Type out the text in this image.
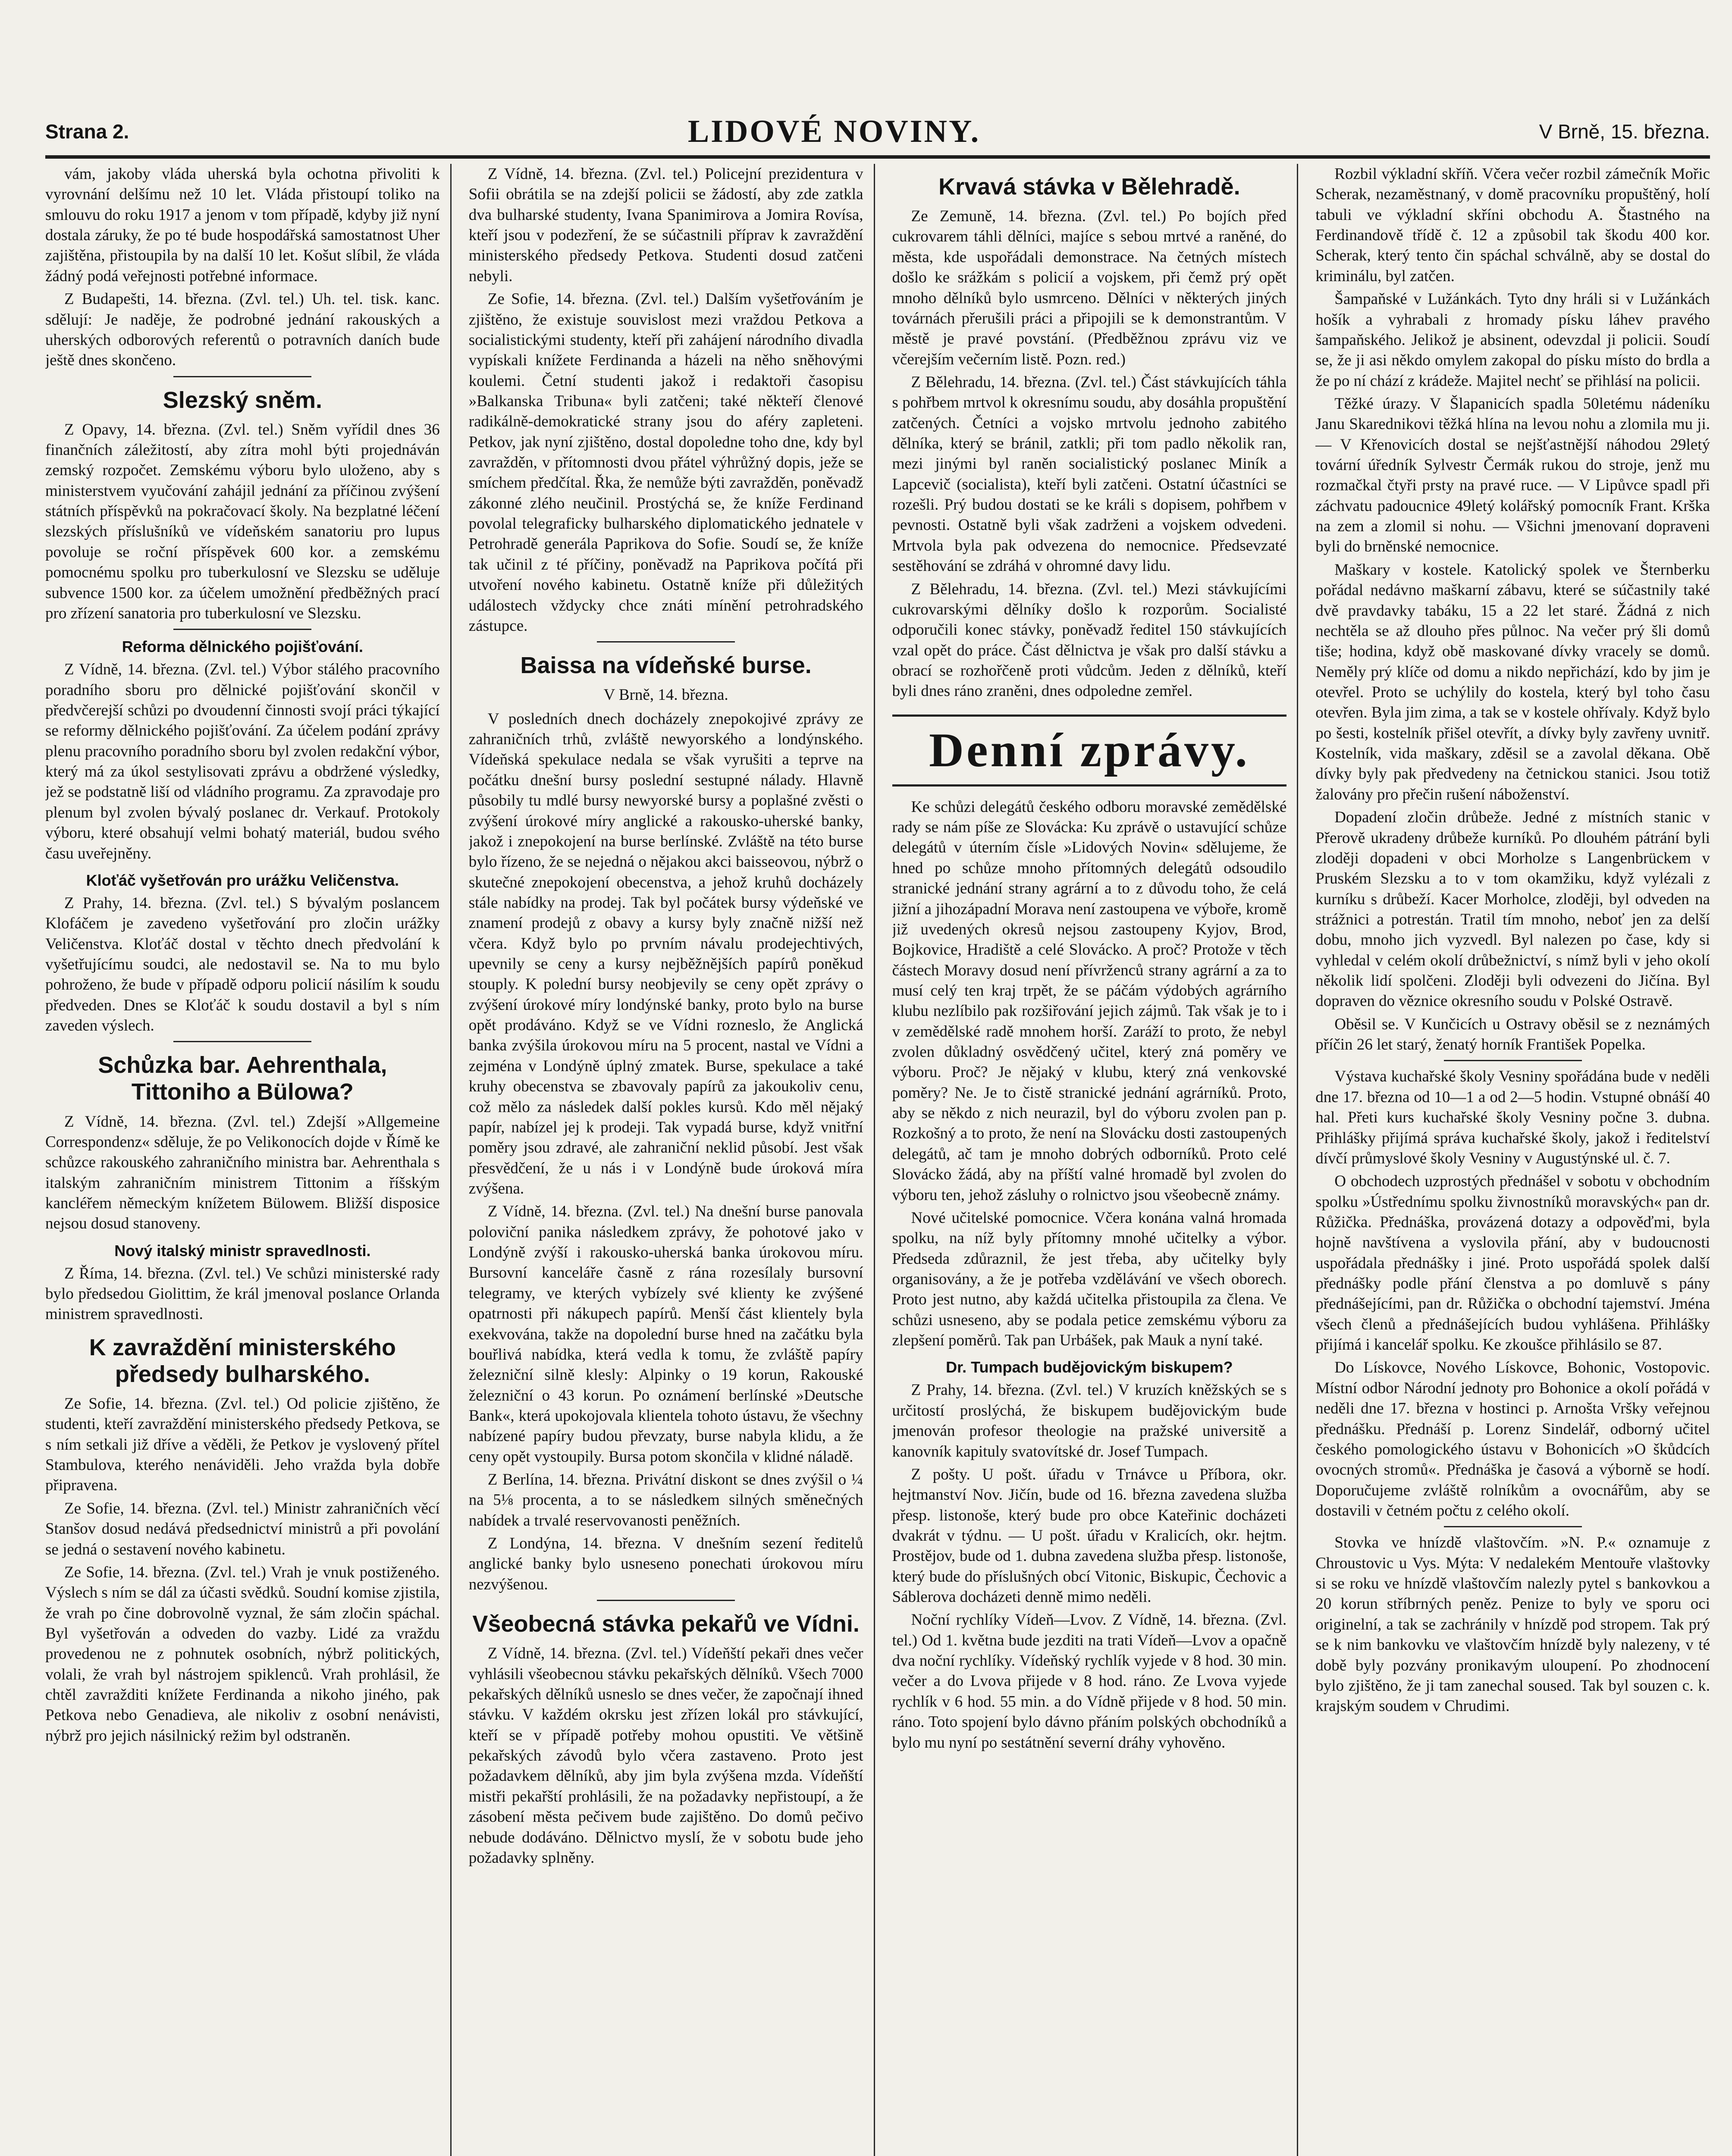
Strana 2.	LIDOVÉ NOVINY.	V Brně, 15. března.
vám, jakoby vláda uherská byla ochotna přivoliti k vyrovnání delšímu než 10 let. Vláda přistoupí toliko na smlouvu do roku 1917 a jenom v tom případě, kdyby již nyní dostala záruky, že po té bude hospodářská samostatnost Uher zajištěna, přistoupila by na další 10 let. Košut slíbil, že vláda žádný podá veřejnosti potřebné informace.
Z Budapešti, 14. března. (Zvl. tel.) Uh. tel. tisk. kanc. sdělují: Je naděje, že podrobné jednání rakouských a uherských odborových referentů o potravních daních bude ještě dnes skončeno.
Slezský sněm.
Z Opavy, 14. března. (Zvl. tel.) Sněm vyřídil dnes 36 finančních záležitostí, aby zítra mohl býti projednáván zemský rozpočet. Zemskému výboru bylo uloženo, aby s ministerstvem vyučování zahájil jednání za příčinou zvýšení státních příspěvků na pokračovací školy. Na bezplatné léčení slezských příslušníků ve vídeňském sanatoriu pro lupus povoluje se roční příspěvek 600 kor. a zemskému pomocnému spolku pro tuberkulosní ve Slezsku se uděluje subvence 1500 kor. za účelem umožnění předběžných prací pro zřízení sanatoria pro tuberkulosní ve Slezsku.
Reforma dělnického pojišťování.
Z Vídně, 14. března. (Zvl. tel.) Výbor stálého pracovního poradního sboru pro dělnické pojišťování skončil v předvčerejší schůzi po dvoudenní činnosti svojí práci týkající se reformy dělnického pojišťování. Za účelem podání zprávy plenu pracovního poradního sboru byl zvolen redakční výbor, který má za úkol sestylisovati zprávu a obdržené výsledky, jež se podstatně liší od vládního programu. Za zpravodaje pro plenum byl zvolen bývalý poslanec dr. Verkauf. Protokoly výboru, které obsahují velmi bohatý materiál, budou svého času uveřejněny.
Kloťáč vyšetřován pro urážku Veličenstva.
Z Prahy, 14. března. (Zvl. tel.) S bývalým poslancem Klofáčem je zavedeno vyšetřování pro zločin urážky Veličenstva. Kloťáč dostal v těchto dnech předvolání k vyšetřujícímu soudci, ale nedostavil se. Na to mu bylo pohroženo, že bude v případě odporu policií násilím k soudu předveden. Dnes se Kloťáč k soudu dostavil a byl s ním zaveden výslech.
Schůzka bar. Aehrenthala, Tittoniho a Bülowa?
Z Vídně, 14. března. (Zvl. tel.) Zdejší »Allgemeine Correspondenz« sděluje, že po Velikonocích dojde v Římě ke schůzce rakouského zahraničního ministra bar. Aehrenthala s italským zahraničním ministrem Tittonim a říšským kancléřem německým knížetem Bülowem. Bližší disposice nejsou dosud stanoveny.
Nový italský ministr spravedlnosti.
Z Říma, 14. března. (Zvl. tel.) Ve schůzi ministerské rady bylo předsedou Giolittim, že král jmenoval poslance Orlanda ministrem spravedlnosti.
K zavraždění ministerského předsedy bulharského.
Ze Sofie, 14. března. (Zvl. tel.) Od policie zjištěno, že studenti, kteří zavraždění ministerského předsedy Petkova, se s ním setkali již dříve a věděli, že Petkov je vyslovený přítel Stambulova, kterého nenáviděli. Jeho vražda byla dobře připravena.
Ze Sofie, 14. března. (Zvl. tel.) Ministr zahraničních věcí Stanšov dosud nedává předsednictví ministrů a při povolání se jedná o sestavení nového kabinetu.
Ze Sofie, 14. března. (Zvl. tel.) Vrah je vnuk postiženého. Výslech s ním se dál za účasti svědků. Soudní komise zjistila, že vrah po čine dobrovolně vyznal, že sám zločin spáchal. Byl vyšetřován a odveden do vazby. Lidé za vraždu provedenou ne z pohnutek osobních, nýbrž politických, volali, že vrah byl nástrojem spiklenců. Vrah prohlásil, že chtěl zavražditi knížete Ferdinanda a nikoho jiného, pak Petkova nebo Genadieva, ale nikoliv z osobní nenávisti, nýbrž pro jejich násilnický režim byl odstraněn.
Z Vídně, 14. března. (Zvl. tel.) Policejní prezidentura v Sofii obrátila se na zdejší policii se žádostí, aby zde zatkla dva bulharské studenty, Ivana Spanimirova a Jomira Rovísa, kteří jsou v podezření, že se súčastnili příprav k zavraždění ministerského předsedy Petkova. Studenti dosud zatčeni nebyli.
Ze Sofie, 14. března. (Zvl. tel.) Dalším vyšetřováním je zjištěno, že existuje souvislost mezi vraždou Petkova a socialistickými studenty, kteří při zahájení národního divadla vypískali knížete Ferdinanda a házeli na něho sněhovými koulemi. Četní studenti jakož i redaktoři časopisu »Balkanska Tribuna« byli zatčeni; také někteří členové radikálně-demokratické strany jsou do aféry zapleteni. Petkov, jak nyní zjištěno, dostal dopoledne toho dne, kdy byl zavražděn, v přítomnosti dvou přátel výhrůžný dopis, ježe se smíchem předčítal. Řka, že nemůže býti zavražděn, poněvadž zákonné zlého neučinil. Prostýchá se, že kníže Ferdinand povolal telegraficky bulharského diplomatického jednatele v Petrohradě generála Paprikova do Sofie. Soudí se, že kníže tak učinil z té příčiny, poněvadž na Paprikova počítá při utvoření nového kabinetu. Ostatně kníže při důležitých událostech vždycky chce znáti mínění petrohradského zástupce.
Baissa na vídeňské burse.
V Brně, 14. března.
V posledních dnech docházely znepokojivé zprávy ze zahraničních trhů, zvláště newyorského a londýnského. Vídeňská spekulace nedala se však vyrušiti a teprve na počátku dnešní bursy poslední sestupné nálady. Hlavně působily tu mdlé bursy newyorské bursy a poplašné zvěsti o zvýšení úrokové míry anglické a rakousko-uherské banky, jakož i znepokojení na burse berlínské. Zvláště na této burse bylo řízeno, že se nejedná o nějakou akci baisseovou, nýbrž o skutečné znepokojení obecenstva, a jehož kruhů docházely stále nabídky na prodej. Tak byl počátek bursy výdeňské ve znamení prodejů z obavy a kursy byly značně nižší než včera. Když bylo po prvním návalu prodejechtivých, upevnily se ceny a kursy nejběžnějších papírů poněkud stouply. K polední bursy neobjevily se ceny opět zprávy o zvýšení úrokové míry londýnské banky, proto bylo na burse opět prodáváno. Když se ve Vídni rozneslo, že Anglická banka zvýšila úrokovou míru na 5 procent, nastal ve Vídni a zejména v Londýně úplný zmatek. Burse, spekulace a také kruhy obecenstva se zbavovaly papírů za jakoukoliv cenu, což mělo za následek další pokles kursů. Kdo měl nějaký papír, nabízel jej k prodeji. Tak vypadá burse, když vnitřní poměry jsou zdravé, ale zahraniční neklid působí. Jest však přesvědčení, že u nás i v Londýně bude úroková míra zvýšena.
Z Vídně, 14. března. (Zvl. tel.) Na dnešní burse panovala poloviční panika následkem zprávy, že pohotové jako v Londýně zvýší i rakousko-uherská banka úrokovou míru. Bursovní kanceláře časně z rána rozesílaly bursovní telegramy, ve kterých vybízely své klienty ke zvýšené opatrnosti při nákupech papírů. Menší část klientely byla exekvována, takže na dopolední burse hned na začátku byla bouřlivá nabídka, která vedla k tomu, že zvláště papíry železniční silně klesly: Alpinky o 19 korun, Rakouské železniční o 43 korun. Po oznámení berlínské »Deutsche Bank«, která upokojovala klientela tohoto ústavu, že všechny nabízené papíry budou převzaty, burse nabyla klidu, a že ceny opět vystoupily. Bursa potom skončila v klidné náladě.
Z Berlína, 14. března. Privátní diskont se dnes zvýšil o ¼ na 5⅛ procenta, a to se následkem silných směnečných nabídek a trvalé reservovanosti peněžních.
Z Londýna, 14. března. V dnešním sezení ředitelů anglické banky bylo usneseno ponechati úrokovou míru nezvýšenou.
Všeobecná stávka pekařů ve Vídni.
Z Vídně, 14. března. (Zvl. tel.) Vídeňští pekaři dnes večer vyhlásili všeobecnou stávku pekařských dělníků. Všech 7000 pekařských dělníků usneslo se dnes večer, že započnají ihned stávku. V každém okrsku jest zřízen lokál pro stávkující, kteří se v případě potřeby mohou opustiti. Ve většině pekařských závodů bylo včera zastaveno. Proto jest požadavkem dělníků, aby jim byla zvýšena mzda. Vídeňští mistři pekařští prohlásili, že na požadavky nepřistoupí, a že zásobení města pečivem bude zajištěno. Do domů pečivo nebude dodáváno. Dělnictvo myslí, že v sobotu bude jeho požadavky splněny.
Krvavá stávka v Bělehradě.
Ze Zemuně, 14. března. (Zvl. tel.) Po bojích před cukrovarem táhli dělníci, majíce s sebou mrtvé a raněné, do města, kde uspořádali demonstrace. Na četných místech došlo ke srážkám s policií a vojskem, při čemž prý opět mnoho dělníků bylo usmrceno. Dělníci v některých jiných továrnách přerušili práci a připojili se k demonstrantům. V městě je pravé povstání. (Předběžnou zprávu viz ve včerejším večerním listě. Pozn. red.)
Z Bělehradu, 14. března. (Zvl. tel.) Část stávkujících táhla s pohřbem mrtvol k okresnímu soudu, aby dosáhla propuštění zatčených. Četníci a vojsko mrtvolu jednoho zabitého dělníka, který se bránil, zatkli; při tom padlo několik ran, mezi jinými byl raněn socialistický poslanec Miník a Lapcevič (socialista), kteří byli zatčeni. Ostatní účastníci se rozešli. Prý budou dostati se ke králi s dopisem, pohřbem v pevnosti. Ostatně byli však zadrženi a vojskem odvedeni. Mrtvola byla pak odvezena do nemocnice. Předsevzaté sestěhování se zdráhá v ohromné davy lidu.
Z Bělehradu, 14. března. (Zvl. tel.) Mezi stávkujícími cukrovarskými dělníky došlo k rozporům. Socialisté odporučili konec stávky, poněvadž ředitel 150 stávkujících vzal opět do práce. Část dělnictva je však pro další stávku a obrací se rozhořčeně proti vůdcům. Jeden z dělníků, kteří byli dnes ráno zraněni, dnes odpoledne zemřel.
Denní zprávy.
Ke schůzi delegátů českého odboru moravské zemědělské rady se nám píše ze Slovácka: Ku zprávě o ustavující schůze delegátů v úterním čísle »Lidových Novin« sdělujeme, že hned po schůze mnoho přítomných delegátů odsoudilo stranické jednání strany agrární a to z důvodu toho, že celá jižní a jihozápadní Morava není zastoupena ve výboře, kromě již uvedených okresů nejsou zastoupeny Kyjov, Brod, Bojkovice, Hradiště a celé Slovácko. A proč? Protože v těch částech Moravy dosud není přívrženců strany agrární a za to musí celý ten kraj trpět, že se páčám výdobých agrárního klubu nezlíbilo pak rozšiřování jejich zájmů. Tak však je to i v zemědělské radě mnohem horší. Zaráží to proto, že nebyl zvolen důkladný osvědčený učitel, který zná poměry ve výboru. Proč? Je nějaký v klubu, který zná venkovské poměry? Ne. Je to čistě stranické jednání agrárníků. Proto, aby se někdo z nich neurazil, byl do výboru zvolen pan p. Rozkošný a to proto, že není na Slovácku dosti zastoupených delegátů, ač tam je mnoho dobrých odborníků. Proto celé Slovácko žádá, aby na příští valné hromadě byl zvolen do výboru ten, jehož zásluhy o rolnictvo jsou všeobecně známy.
Nové učitelské pomocnice. Včera konána valná hromada spolku, na níž byly přítomny mnohé učitelky a výbor. Předseda zdůraznil, že jest třeba, aby učitelky byly organisovány, a že je potřeba vzdělávání ve všech oborech. Proto jest nutno, aby každá učitelka přistoupila za člena. Ve schůzi usneseno, aby se podala petice zemskému výboru za zlepšení poměrů. Tak pan Urbášek, pak Mauk a nyní také.
Dr. Tumpach budějovickým biskupem?
Z Prahy, 14. března. (Zvl. tel.) V kruzích kněžských se s určitostí proslýchá, že biskupem budějovickým bude jmenován profesor theologie na pražské universitě a kanovník kapituly svatovítské dr. Josef Tumpach.
Z pošty. U pošt. úřadu v Trnávce u Příbora, okr. hejtmanství Nov. Jičín, bude od 16. března zavedena služba přesp. listonoše, který bude pro obce Kateřinic docházeti dvakrát v týdnu. — U pošt. úřadu v Kralicích, okr. hejtm. Prostějov, bude od 1. dubna zavedena služba přesp. listonoše, který bude do příslušných obcí Vitonic, Biskupic, Čechovic a Sáblerova docházeti denně mimo neděli.
Noční rychlíky Vídeň—Lvov. Z Vídně, 14. března. (Zvl. tel.) Od 1. května bude jezditi na trati Vídeň—Lvov a opačně dva noční rychlíky. Vídeňský rychlík vyjede v 8 hod. 30 min. večer a do Lvova přijede v 8 hod. ráno. Ze Lvova vyjede rychlík v 6 hod. 55 min. a do Vídně přijede v 8 hod. 50 min. ráno. Toto spojení bylo dávno přáním polských obchodníků a bylo mu nyní po sestátnění severní dráhy vyhověno.
Rozbil výkladní skříň. Včera večer rozbil zámečník Mořic Scherak, nezaměstnaný, v domě pracovníku propuštěný, holí tabuli ve výkladní skříni obchodu A. Štastného na Ferdinandově třídě č. 12 a způsobil tak škodu 400 kor. Scherak, který tento čin spáchal schválně, aby se dostal do kriminálu, byl zatčen.
Šampaňské v Lužánkách. Tyto dny hráli si v Lužánkách hošík a vyhrabali z hromady písku láhev pravého šampaňského. Jelikož je absinent, odevzdal ji policii. Soudí se, že ji asi někdo omylem zakopal do písku místo do brdla a že po ní chází z krádeže. Majitel nechť se přihlásí na policii.
Těžké úrazy. V Šlapanicích spadla 50letému nádeníku Janu Skarednikovi těžká hlína na levou nohu a zlomila mu ji. — V Křenovicích dostal se nejšťastnější náhodou 29letý tovární úředník Sylvestr Čermák rukou do stroje, jenž mu rozmačkal čtyři prsty na pravé ruce. — V Lipůvce spadl při záchvatu padoucnice 49letý kolářský pomocník Frant. Krška na zem a zlomil si nohu. — Všichni jmenovaní dopraveni byli do brněnské nemocnice.
Maškary v kostele. Katolický spolek ve Šternberku pořádal nedávno maškarní zábavu, které se súčastnily také dvě pravdavky tabáku, 15 a 22 let staré. Žádná z nich nechtěla se až dlouho přes půlnoc. Na večer prý šli domů tiše; hodina, když obě maskované dívky vracely se domů. Neměly prý klíče od domu a nikdo nepřichází, kdo by jim je otevřel. Proto se uchýlily do kostela, který byl toho času otevřen. Byla jim zima, a tak se v kostele ohřívaly. Když bylo po šesti, kostelník přišel otevřít, a dívky byly zavřeny uvnitř. Kostelník, vida maškary, zděsil se a zavolal děkana. Obě dívky byly pak předvedeny na četnickou stanici. Jsou totiž žalovány pro přečin rušení náboženství.
Dopadení zločin drůbeže. Jedné z místních stanic v Přerově ukradeny drůbeže kurníků. Po dlouhém pátrání byli zloději dopadeni v obci Morholze s Langenbrückem v Pruském Slezsku a to v tom okamžiku, když vylézali z kurníku s drůbeží. Kacer Morholce, zloději, byl odveden na strážnici a potrestán. Tratil tím mnoho, neboť jen za delší dobu, mnoho jich vyzvedl. Byl nalezen po čase, kdy si vyhledal v celém okolí drůbežnictví, s nímž byli v jeho okolí několik lidí spolčeni. Zloději byli odvezeni do Jičína. Byl dopraven do věznice okresního soudu v Polské Ostravě.
Oběsil se. V Kunčicích u Ostravy oběsil se z neznámých příčin 26 let starý, ženatý horník František Popelka.
Výstava kuchařské školy Vesniny spořádána bude v neděli dne 17. března od 10—1 a od 2—5 hodin. Vstupné obnáší 40 hal. Přeti kurs kuchařské školy Vesniny počne 3. dubna. Přihlášky přijímá správa kuchařské školy, jakož i ředitelství dívčí průmyslové školy Vesniny v Augustýnské ul. č. 7.
O obchodech uzprostých přednášel v sobotu v obchodním spolku »Ústřednímu spolku živnostníků moravských« pan dr. Růžička. Přednáška, provázená dotazy a odpověďmi, byla hojně navštívena a vyslovila přání, aby v budoucnosti uspořádala přednášky i jiné. Proto uspořádá spolek další přednášky podle přání členstva a po domluvě s pány přednášejícími, pan dr. Růžička o obchodní tajemství. Jména všech členů a přednášejících budou vyhlášena. Přihlášky přijímá i kancelář spolku. Ke zkoušce přihlásilo se 87.
Do Lískovce, Nového Lískovce, Bohonic, Vostopovic. Místní odbor Národní jednoty pro Bohonice a okolí pořádá v neděli dne 17. března v hostinci p. Arnošta Vršky veřejnou přednášku. Přednáší p. Lorenz Sindelář, odborný učitel českého pomologického ústavu v Bohonicích »O škůdcích ovocných stromů«. Přednáška je časová a výborně se hodí. Doporučujeme zvláště rolníkům a ovocnářům, aby se dostavili v četném počtu z celého okolí.
Stovka ve hnízdě vlaštovčím. »N. P.« oznamuje z Chroustovic u Vys. Mýta: V nedalekém Mentouře vlaštovky si se roku ve hnízdě vlaštovčím nalezly pytel s bankovkou a 20 korun stříbrných peněz. Penize to byly ve sporu oci originelní, a tak se zachránily v hnízdě pod stropem. Tak prý se k nim bankovku ve vlaštovčím hnízdě byly nalezeny, v té době byly pozvány pronikavým uloupení. Po zhodnocení bylo zjištěno, že ji tam zanechal soused. Tak byl souzen c. k. krajským soudem v Chrudimi.
